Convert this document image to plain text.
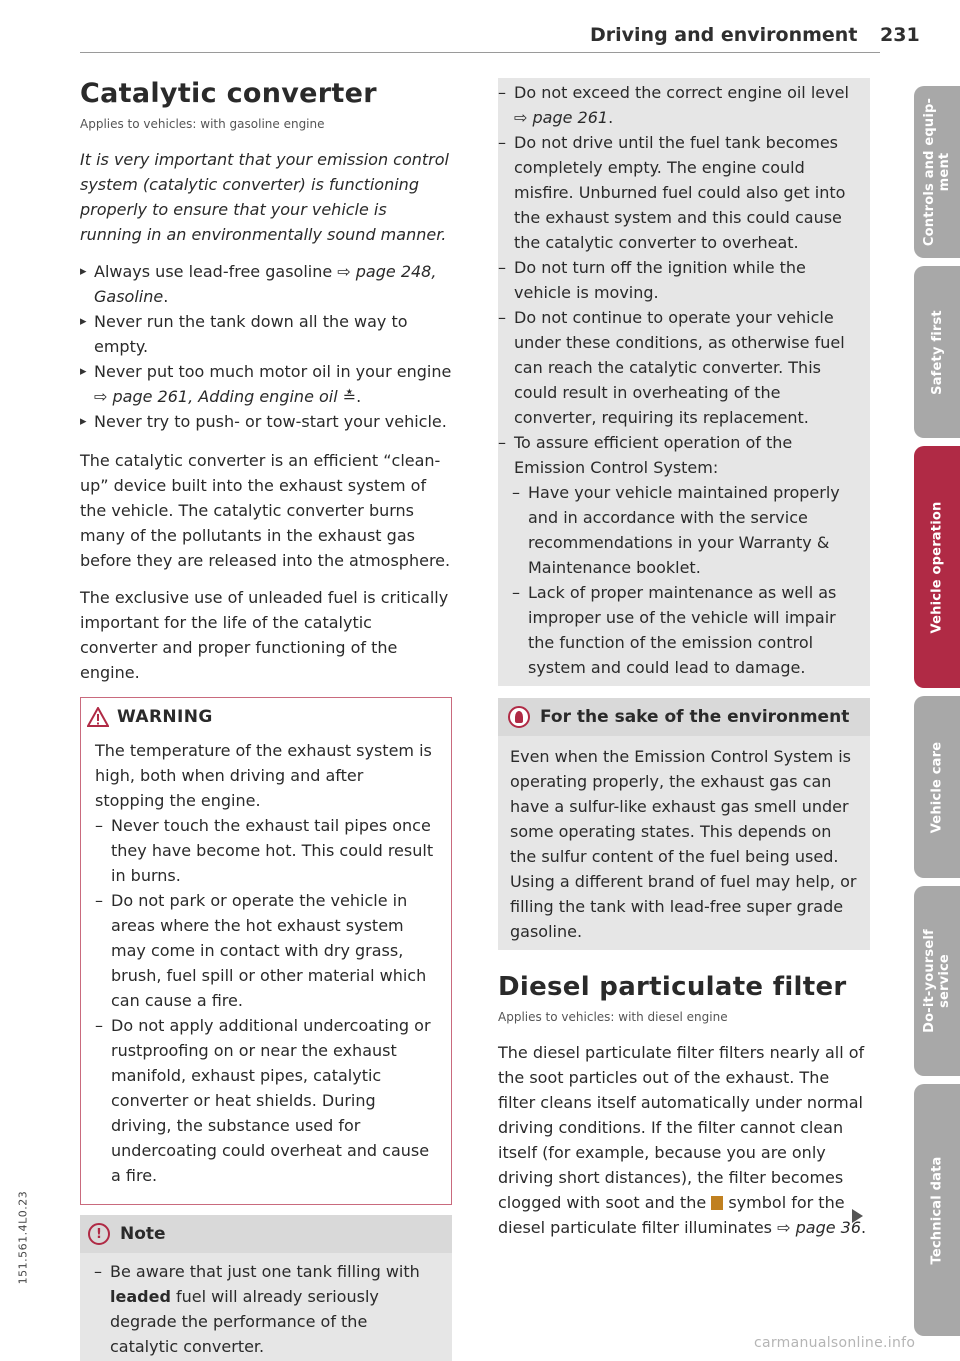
Driving and environment 231
Catalytic converter
Applies to vehicles: with gasoline engine

It is very important that your emission control system (catalytic converter) is functioning properly to ensure that your vehicle is running in an environmentally sound manner.

▸ Always use lead-free gasoline ⇨ page 248, Gasoline.
▸ Never run the tank down all the way to empty.
▸ Never put too much motor oil in your engine ⇨ page 261, Adding engine oil ≛.
▸ Never try to push- or tow-start your vehicle.

The catalytic converter is an efficient “clean-up” device built into the exhaust system of the vehicle. The catalytic converter burns many of the pollutants in the exhaust gas before they are released into the atmosphere.

The exclusive use of unleaded fuel is critically important for the life of the catalytic converter and proper functioning of the engine.

WARNING

The temperature of the exhaust system is high, both when driving and after stopping the engine.

– Never touch the exhaust tail pipes once they have become hot. This could result in burns.
– Do not park or operate the vehicle in areas where the hot exhaust system may come in contact with dry grass, brush, fuel spill or other material which can cause a fire.
– Do not apply additional undercoating or rustproofing on or near the exhaust manifold, exhaust pipes, catalytic converter or heat shields. During driving, the substance used for undercoating could overheat and cause a fire.
!	Note
– Be aware that just one tank filling with leaded fuel will already seriously degrade the performance of the catalytic converter.
– Do not exceed the correct engine oil level ⇨ page 261.
– Do not drive until the fuel tank becomes completely empty. The engine could misfire. Unburned fuel could also get into the exhaust system and this could cause the catalytic converter to overheat.
– Do not turn off the ignition while the vehicle is moving.
– Do not continue to operate your vehicle under these conditions, as otherwise fuel can reach the catalytic converter. This could result in overheating of the converter, requiring its replacement.
– To assure efficient operation of the Emission Control System:
– Have your vehicle maintained properly and in accordance with the service recommendations in your Warranty & Maintenance booklet.
– Lack of proper maintenance as well as improper use of the vehicle will impair the function of the emission control system and could lead to damage.
For the sake of the environment

Even when the Emission Control System is operating properly, the exhaust gas can have a sulfur-like exhaust gas smell under some operating states. This depends on the sulfur content of the fuel being used. Using a different brand of fuel may help, or filling the tank with lead-free super grade gasoline.

Diesel particulate filter
Applies to vehicles: with diesel engine

The diesel particulate filter filters nearly all of the soot particles out of the exhaust. The filter cleans itself automatically under normal driving conditions. If the filter cannot clean itself (for example, because you are only driving short distances), the filter becomes clogged with soot and the  symbol for the diesel particulate filter illuminates ⇨ page 36.

Controls and equip-
ment
Safety first
Vehicle operation
Vehicle care
Do-it-yourself
service
Technical data
151.561.4L0.23
carmanualsonline.info
